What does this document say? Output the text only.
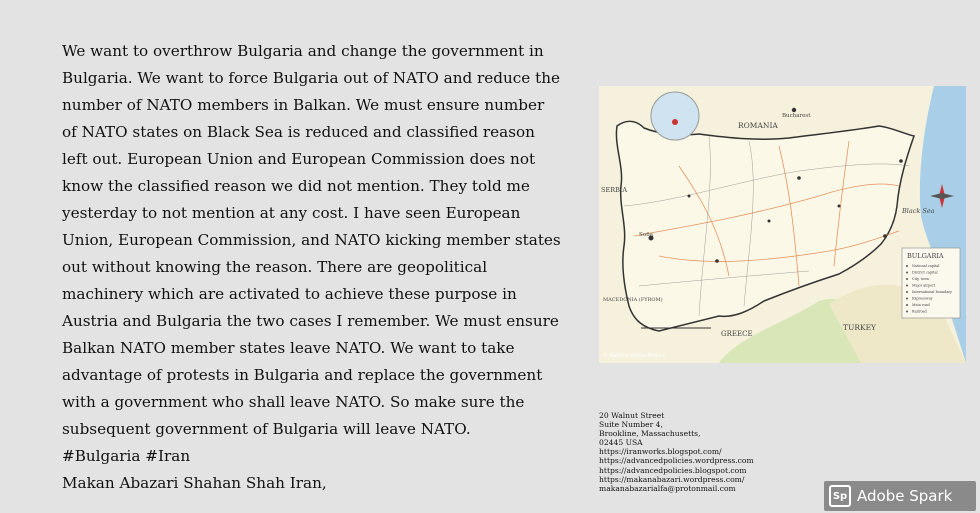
We want to overthrow Bulgaria and change the government in Bulgaria. We want to force Bulgaria out of NATO and reduce the number of NATO members in Balkan. We must ensure number of NATO states on Black Sea is reduced and classified reason left out. European Union and European Commission does not know the classified reason we did not mention. They told me yesterday to not mention at any cost. I have seen European Union, European Commission, and NATO kicking member states out without knowing the reason. There are geopolitical machinery which are activated to achieve these purpose in Austria and Bulgaria the two cases I remember. We must ensure Balkan NATO member states leave NATO. We want to take advantage of protests in Bulgaria and replace the government with a government who shall leave NATO. So make sure the subsequent government of Bulgaria will leave NATO.

#Bulgaria #Iran

Makan Abazari Shahan Shah Iran,

ROMANIA
Bucharest
SERBIA
Sofia
MACEDONIA (FYROM)
GREECE
TURKEY
Black Sea
BULGARIA
National capital
District capital
City, town
Major airport
International boundary
Expressway
Main road
Railroad
© Nations Online Project
20 Walnut Street
Suite Number 4,
Brookline, Massachusetts,
02445 USA
https://iranworks.blogspot.com/
https://advancedpolicies.wordpress.com
https://advancedpolicies.blogspot.com
https://makanabazari.wordpress.com/
makanabazarialfa@protonmail.com
Sp Adobe Spark
